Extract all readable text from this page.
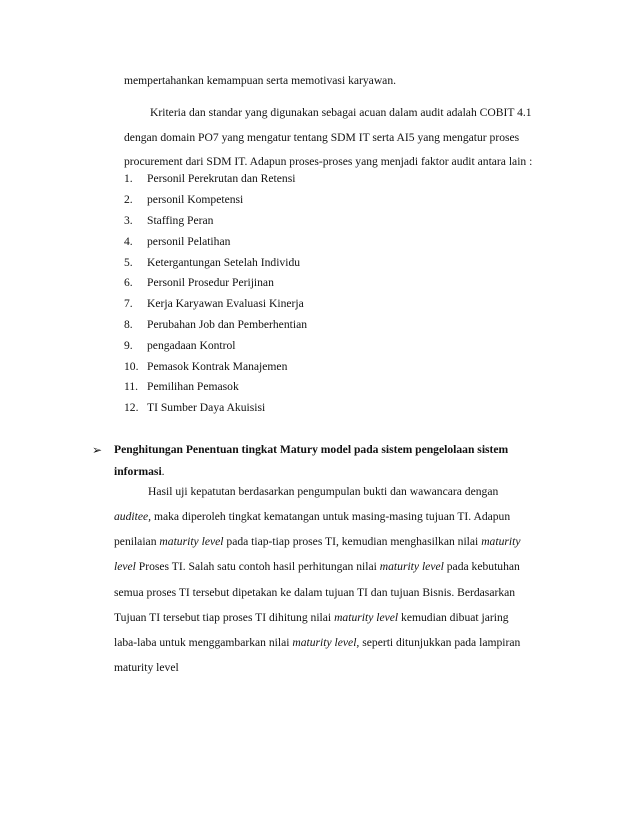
mempertahankan kemampuan serta memotivasi karyawan.
Kriteria dan standar yang digunakan sebagai acuan dalam audit adalah COBIT 4.1
dengan domain PO7 yang mengatur tentang SDM IT serta AI5 yang mengatur proses
procurement dari SDM IT. Adapun proses-proses yang menjadi faktor audit antara lain :
1. Personil Perekrutan dan Retensi
2. personil Kompetensi
3. Staffing Peran
4. personil Pelatihan
5. Ketergantungan Setelah Individu
6. Personil Prosedur Perijinan
7. Kerja Karyawan Evaluasi Kinerja
8. Perubahan Job dan Pemberhentian
9. pengadaan Kontrol
10. Pemasok Kontrak Manajemen
11. Pemilihan Pemasok
12. TI Sumber Daya Akuisisi
➢ Penghitungan Penentuan tingkat Matury model pada sistem pengelolaan sistem
informasi.
Hasil uji kepatutan berdasarkan pengumpulan bukti dan wawancara dengan
auditee, maka diperoleh tingkat kematangan untuk masing-masing tujuan TI. Adapun
penilaian maturity level pada tiap-tiap proses TI, kemudian menghasilkan nilai maturity
level Proses TI. Salah satu contoh hasil perhitungan nilai maturity level pada kebutuhan
semua proses TI tersebut dipetakan ke dalam tujuan TI dan tujuan Bisnis. Berdasarkan
Tujuan TI tersebut tiap proses TI dihitung nilai maturity level kemudian dibuat jaring
laba-laba untuk menggambarkan nilai maturity level, seperti ditunjukkan pada lampiran
maturity level
